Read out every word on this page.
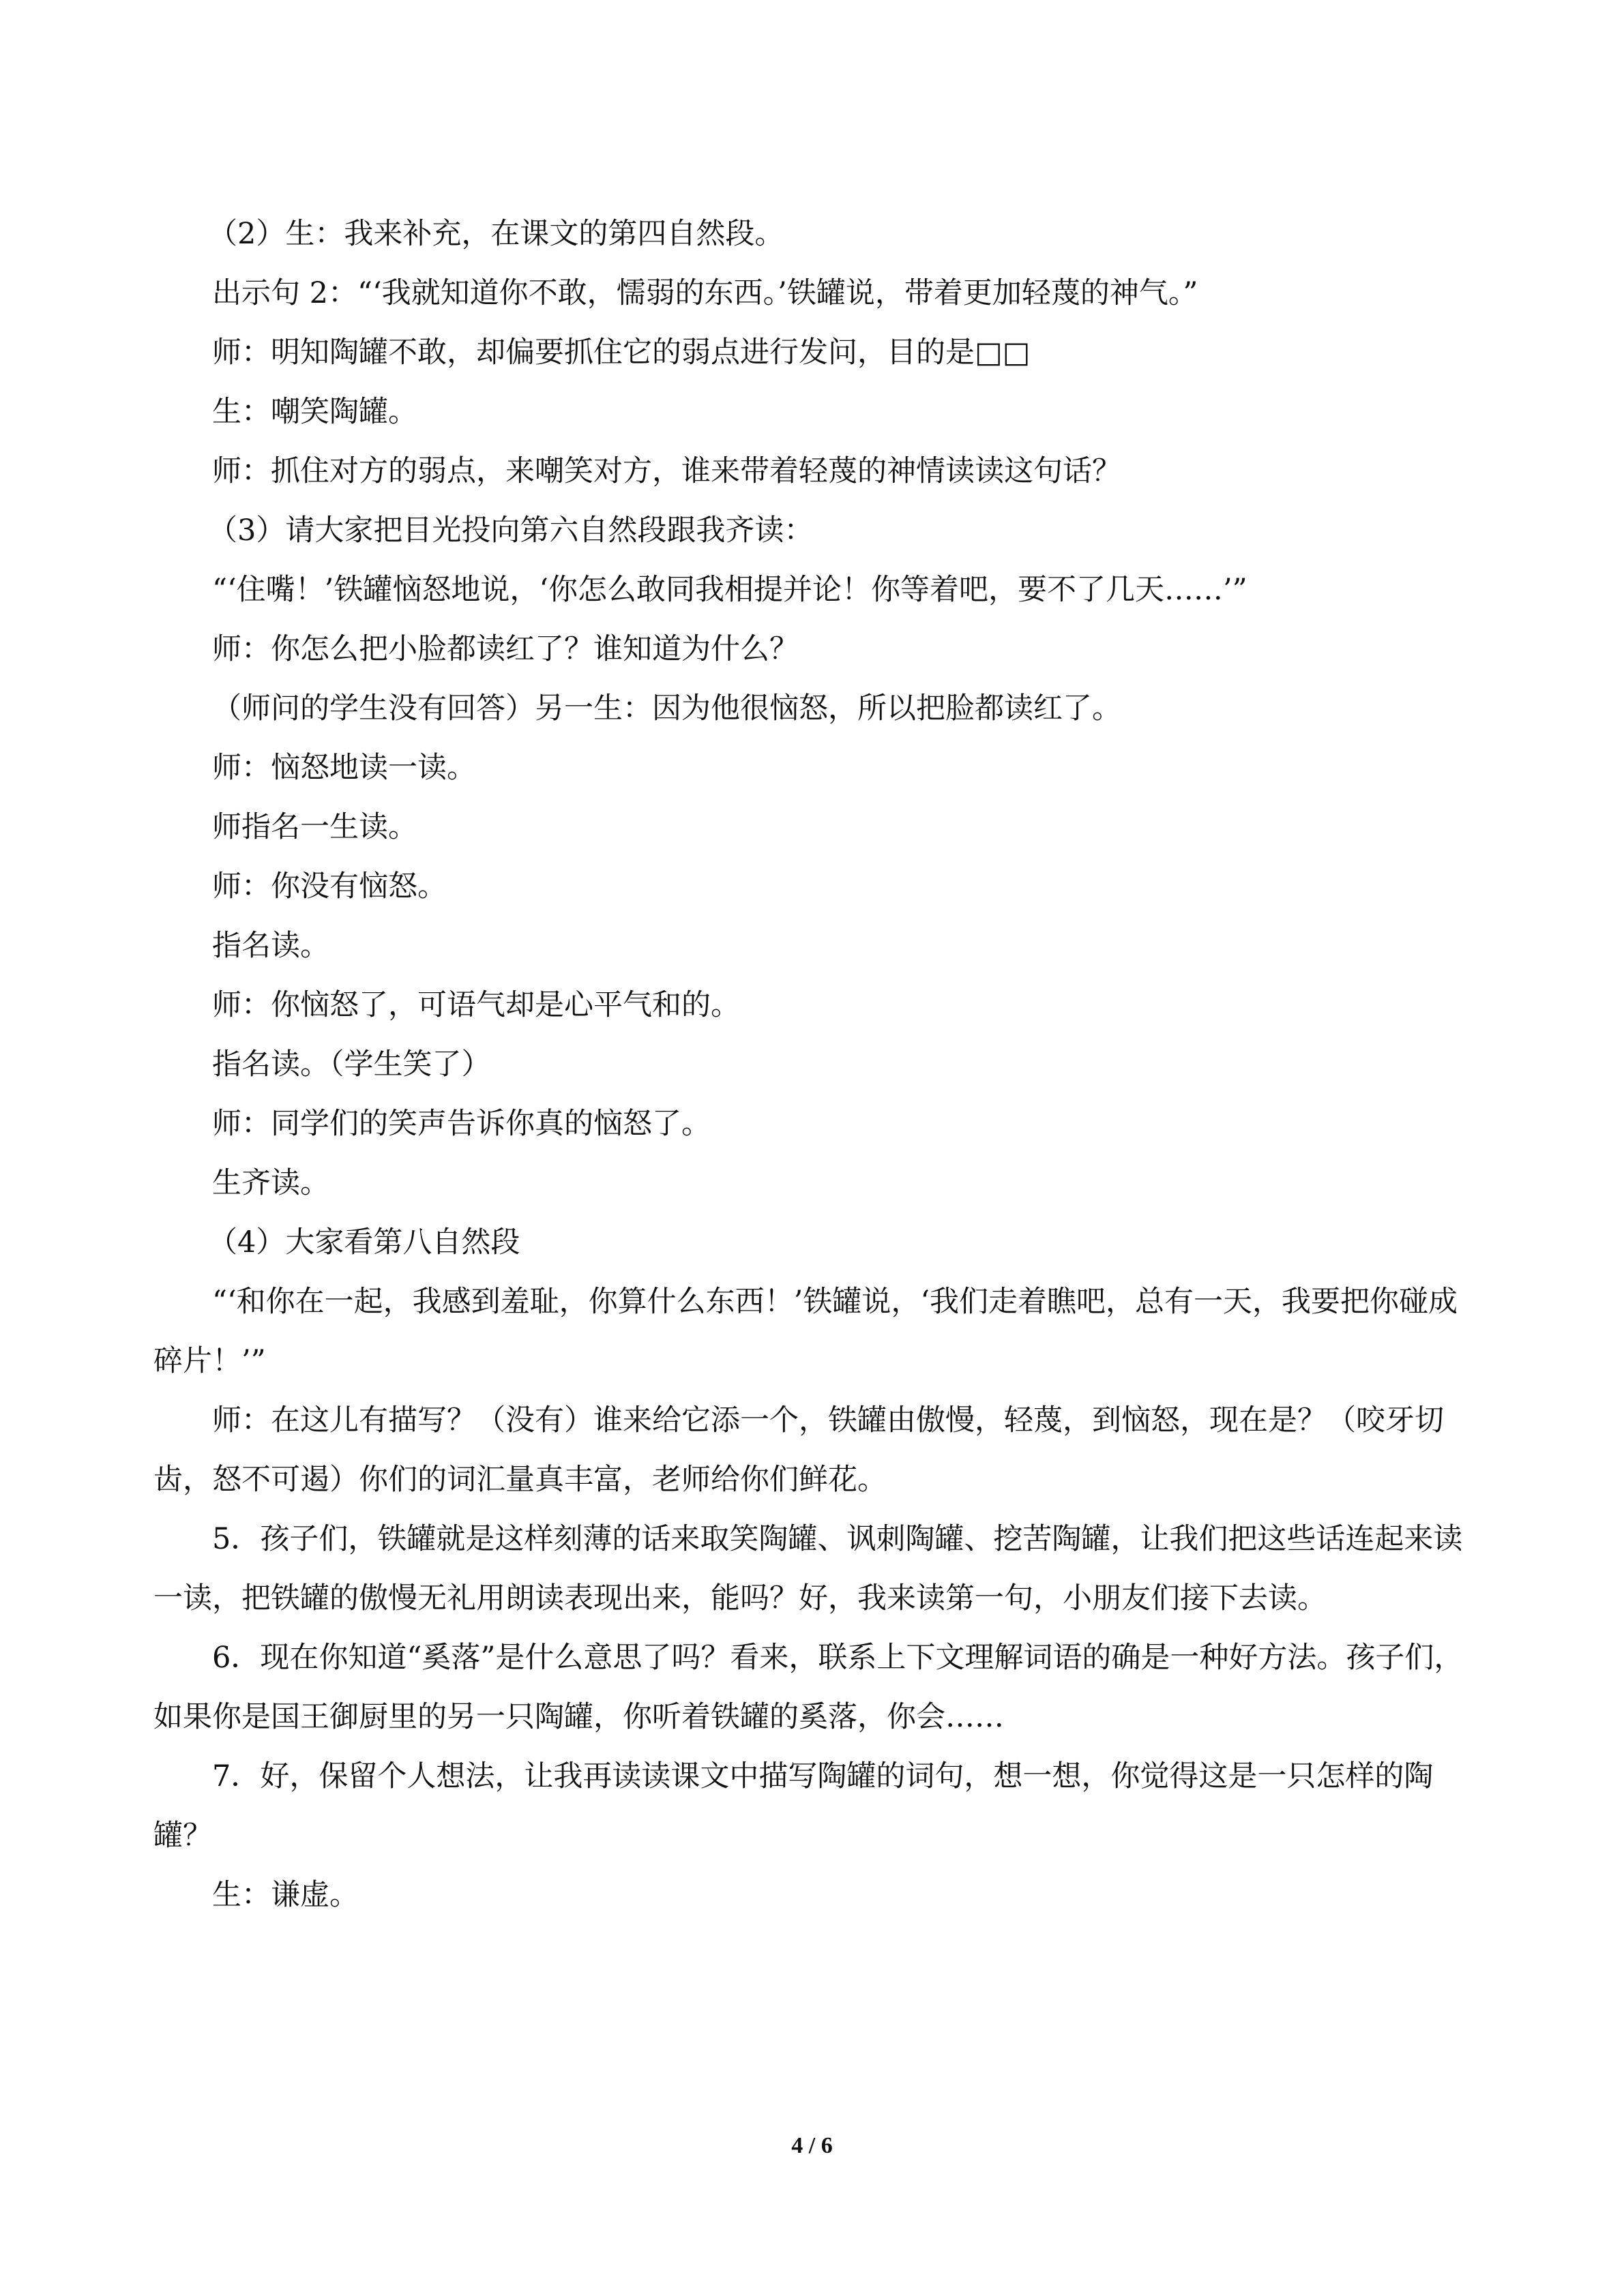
（2）生：我来补充，在课文的第四自然段。

出示句 2：“‘我就知道你不敢，懦弱的东西。’铁罐说，带着更加轻蔑的神气。”

师：明知陶罐不敢，却偏要抓住它的弱点进行发问，目的是□□

生：嘲笑陶罐。

师：抓住对方的弱点，来嘲笑对方，谁来带着轻蔑的神情读读这句话？

（3）请大家把目光投向第六自然段跟我齐读：

“‘住嘴！’铁罐恼怒地说，‘你怎么敢同我相提并论！你等着吧，要不了几天……’”

师：你怎么把小脸都读红了？谁知道为什么？

（师问的学生没有回答）另一生：因为他很恼怒，所以把脸都读红了。

师：恼怒地读一读。

师指名一生读。

师：你没有恼怒。

指名读。

师：你恼怒了，可语气却是心平气和的。

指名读。（学生笑了）

师：同学们的笑声告诉你真的恼怒了。

生齐读。

（4）大家看第八自然段

“‘和你在一起，我感到羞耻，你算什么东西！’铁罐说，‘我们走着瞧吧，总有一天，我要把你碰成碎片！’”

师：在这儿有描写？（没有）谁来给它添一个，铁罐由傲慢，轻蔑，到恼怒，现在是？（咬牙切齿，怒不可遏）你们的词汇量真丰富，老师给你们鲜花。

5．孩子们，铁罐就是这样刻薄的话来取笑陶罐、讽刺陶罐、挖苦陶罐，让我们把这些话连起来读一读，把铁罐的傲慢无礼用朗读表现出来，能吗？好，我来读第一句，小朋友们接下去读。

6．现在你知道“奚落”是什么意思了吗？看来，联系上下文理解词语的确是一种好方法。孩子们，如果你是国王御厨里的另一只陶罐，你听着铁罐的奚落，你会……

7．好，保留个人想法，让我再读读课文中描写陶罐的词句，想一想，你觉得这是一只怎样的陶罐？

生：谦虚。

4 / 6
